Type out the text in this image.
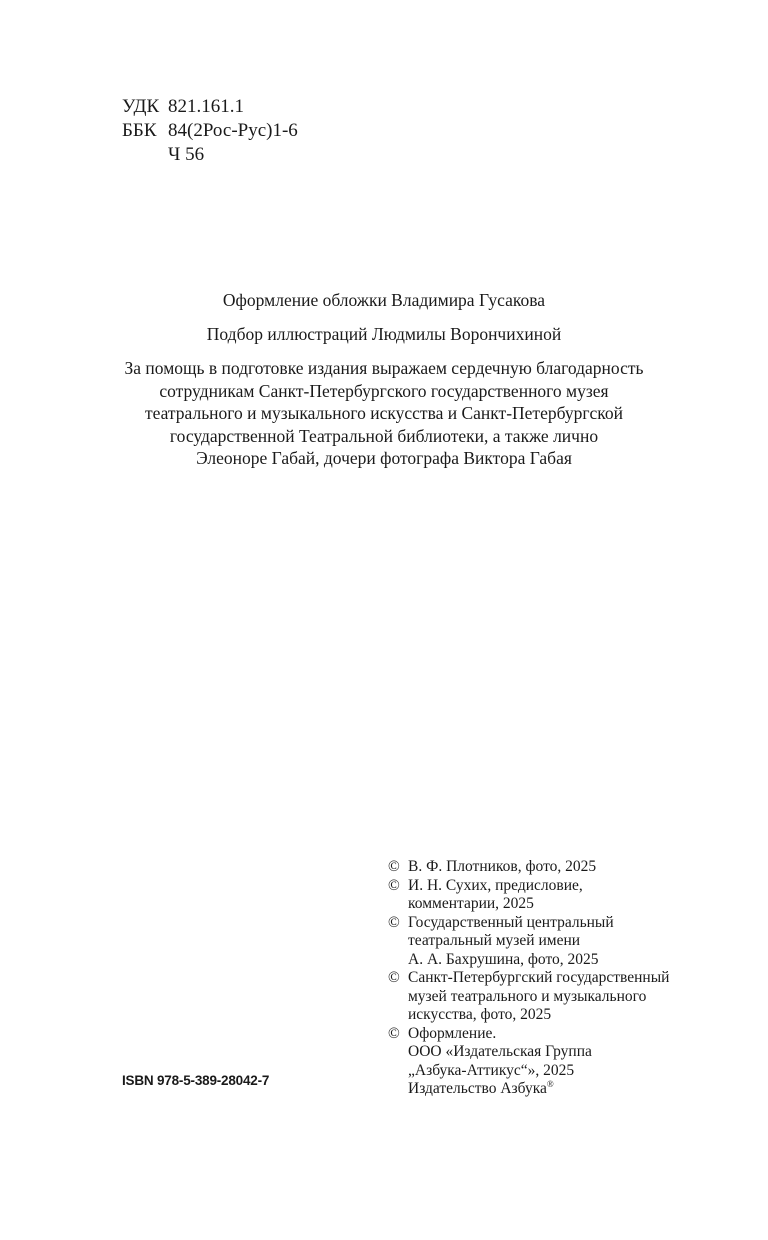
УДК 821.161.1
ББК 84(2Рос-Рус)1-6
Ч 56
Оформление обложки Владимира Гусакова
Подбор иллюстраций Людмилы Ворончихиной
За помощь в подготовке издания выражаем сердечную благодарность
сотрудникам Санкт-Петербургского государственного музея
театрального и музыкального искусства и Санкт-Петербургской
государственной Театральной библиотеки, а также лично
Элеоноре Габай, дочери фотографа Виктора Габая
© В. Ф. Плотников, фото, 2025
© И. Н. Сухих, предисловие,
комментарии, 2025
© Государственный центральный
театральный музей имени
А. А. Бахрушина, фото, 2025
© Санкт-Петербургский государственный
музей театрального и музыкального
искусства, фото, 2025
© Оформление.
ООО «Издательская Группа
„Азбука-Аттикус“», 2025
Издательство Азбука®
ISBN 978-5-389-28042-7
